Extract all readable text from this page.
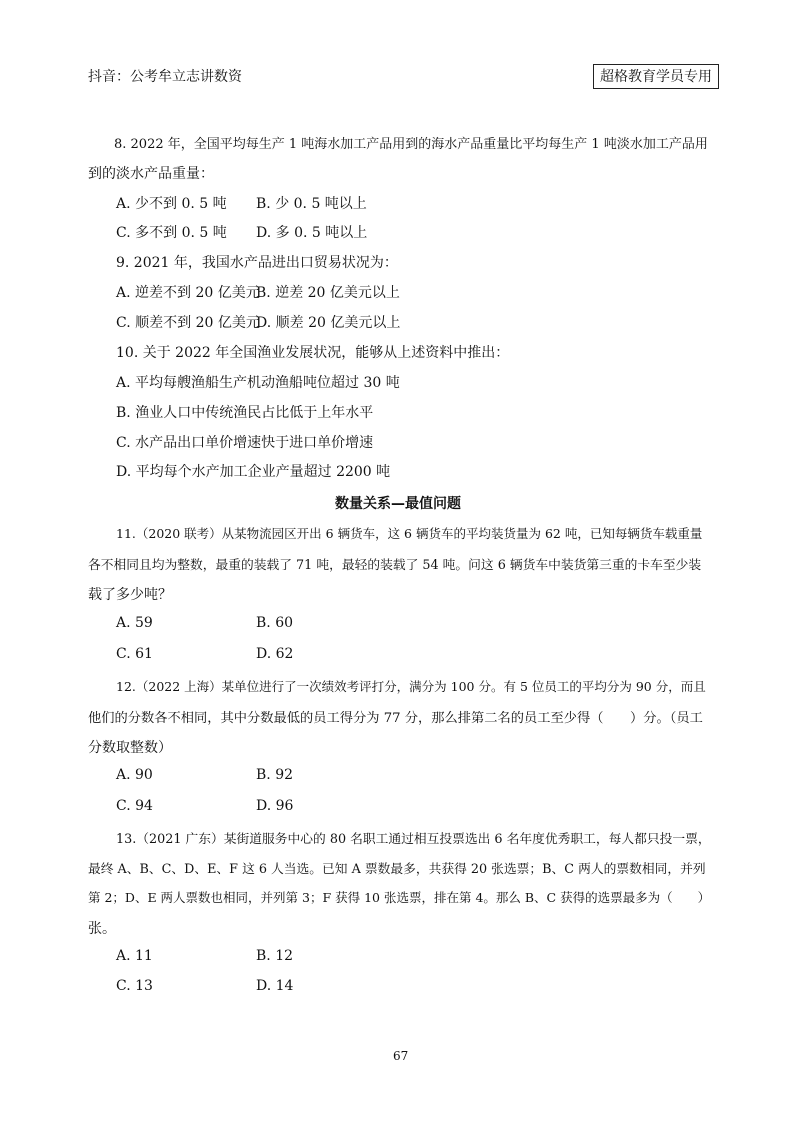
抖音：公考牟立志讲数资	超格教育学员专用
8. 2022 年，全国平均每生产 1 吨海水加工产品用到的海水产品重量比平均每生产 1 吨淡水加工产品用
到的淡水产品重量：
A. 少不到 0. 5 吨 B. 少 0. 5 吨以上
C. 多不到 0. 5 吨 D. 多 0. 5 吨以上
9. 2021 年，我国水产品进出口贸易状况为：
A. 逆差不到 20 亿美元
B. 逆差 20 亿美元以上
C. 顺差不到 20 亿美元
D. 顺差 20 亿美元以上
10. 关于 2022 年全国渔业发展状况，能够从上述资料中推出：
A. 平均每艘渔船生产机动渔船吨位超过 30 吨
B. 渔业人口中传统渔民占比低于上年水平
C. 水产品出口单价增速快于进口单价增速
D. 平均每个水产加工企业产量超过 2200 吨
数量关系—最值问题
11.（2020 联考）从某物流园区开出 6 辆货车，这 6 辆货车的平均装货量为 62 吨，已知每辆货车载重量
各不相同且均为整数，最重的装载了 71 吨，最轻的装载了 54 吨。问这 6 辆货车中装货第三重的卡车至少装
载了多少吨？
A. 59	B. 60
C. 61	D. 62
12.（2022 上海）某单位进行了一次绩效考评打分，满分为 100 分。有 5 位员工的平均分为 90 分，而且
他们的分数各不相同，其中分数最低的员工得分为 77 分，那么排第二名的员工至少得（　　）分。（员工
分数取整数）
A. 90	B. 92
C. 94	D. 96
13.（2021 广东）某街道服务中心的 80 名职工通过相互投票选出 6 名年度优秀职工，每人都只投一票，
最终 A、B、C、D、E、F 这 6 人当选。已知 A 票数最多，共获得 20 张选票；B、C 两人的票数相同，并列
第 2；D、E 两人票数也相同，并列第 3；F 获得 10 张选票，排在第 4。那么 B、C 获得的选票最多为（　　）
张。
A. 11	B. 12
C. 13	D. 14
67
